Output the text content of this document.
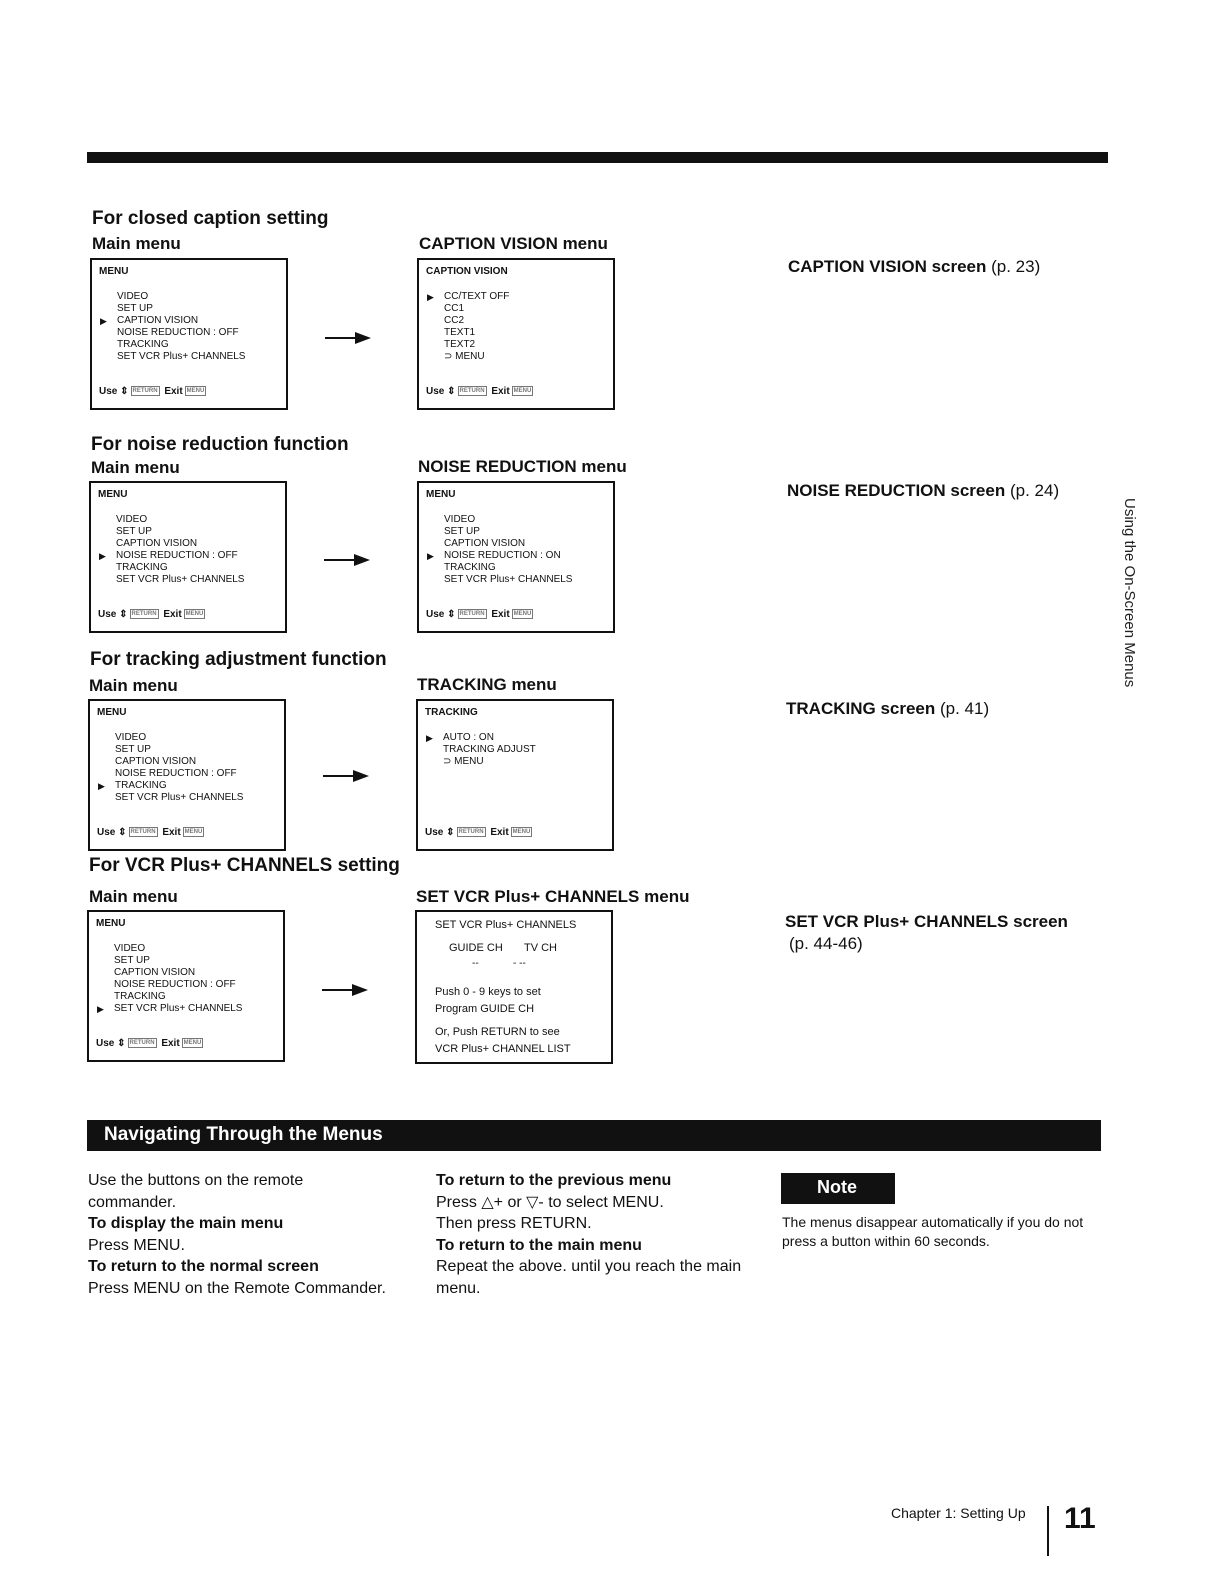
Using the On-Screen Menus
For closed caption setting
Main menu
MENU
▶
VIDEO
SET UP
CAPTION VISION
NOISE REDUCTION : OFF
TRACKING
SET VCR Plus+ CHANNELS
Use ⇕ RETURN Exit MENU
CAPTION VISION menu
CAPTION VISION
▶ CC/TEXT OFF
CC1
CC2
TEXT1
TEXT2
⊃ MENU
Use ⇕ RETURN Exit MENU
CAPTION VISION screen (p. 23)
For noise reduction function
Main menu
MENU
▶
VIDEO
SET UP
CAPTION VISION
NOISE REDUCTION : OFF
TRACKING
SET VCR Plus+ CHANNELS
Use ⇕ RETURN Exit MENU
NOISE REDUCTION menu
MENU
▶
VIDEO
SET UP
CAPTION VISION
NOISE REDUCTION : ON
TRACKING
SET VCR Plus+ CHANNELS
Use ⇕ RETURN Exit MENU
NOISE REDUCTION screen (p. 24)
For tracking adjustment function
Main menu
MENU
▶
VIDEO
SET UP
CAPTION VISION
NOISE REDUCTION : OFF
TRACKING
SET VCR Plus+ CHANNELS
Use ⇕ RETURN Exit MENU
TRACKING menu
TRACKING
▶ AUTO : ON
TRACKING ADJUST
⊃ MENU
Use ⇕ RETURN Exit MENU
TRACKING screen (p. 41)
For VCR Plus+ CHANNELS setting
Main menu
MENU
▶
VIDEO
SET UP
CAPTION VISION
NOISE REDUCTION : OFF
TRACKING
SET VCR Plus+ CHANNELS
Use ⇕ RETURN Exit MENU
SET VCR Plus+ CHANNELS menu
SET VCR Plus+ CHANNELS
GUIDE CH TV CH
--	- --
Push 0 - 9 keys to set
Program GUIDE CH
Or, Push RETURN to see
VCR Plus+ CHANNEL LIST
SET VCR Plus+ CHANNELS screen
(p. 44-46)
Navigating Through the Menus
Use the buttons on the remote commander.
To display the main menu
Press MENU.
To return to the normal screen
Press MENU on the Remote Commander.
To return to the previous menu
Press △+ or ▽- to select MENU.
Then press RETURN.
To return to the main menu
Repeat the above. until you reach the main menu.
Note
The menus disappear automatically if you do not press a button within 60 seconds.
Chapter 1: Setting Up 11
